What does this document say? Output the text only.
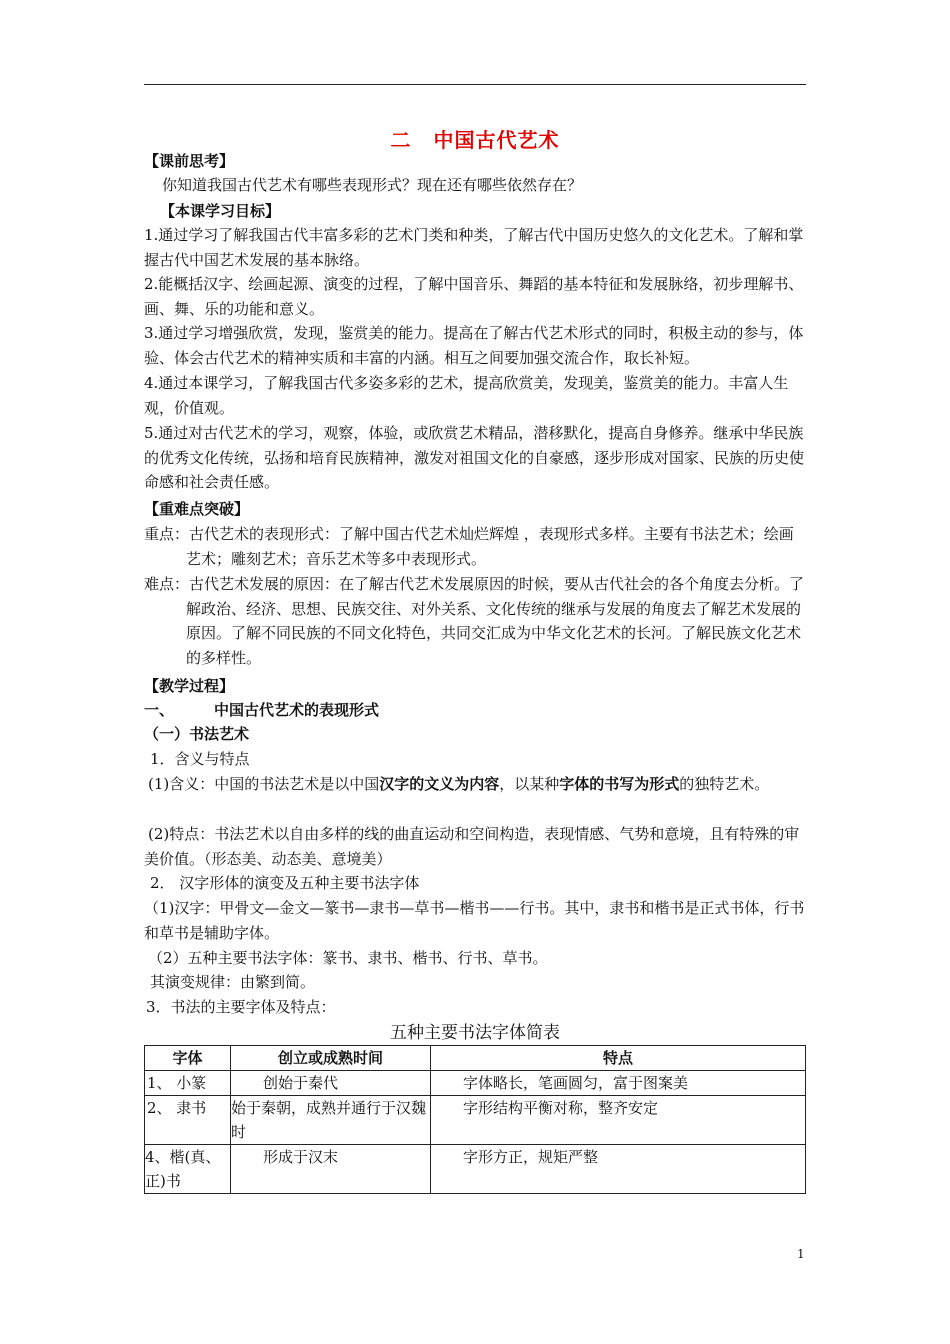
二 中国古代艺术
【课前思考】
你知道我国古代艺术有哪些表现形式？现在还有哪些依然存在？
【本课学习目标】
1.通过学习了解我国古代丰富多彩的艺术门类和种类，了解古代中国历史悠久的文化艺术。了解和掌握古代中国艺术发展的基本脉络。
2.能概括汉字、绘画起源、演变的过程，了解中国音乐、舞蹈的基本特征和发展脉络，初步理解书、画、舞、乐的功能和意义。
3.通过学习增强欣赏，发现，鉴赏美的能力。提高在了解古代艺术形式的同时，积极主动的参与，体验、体会古代艺术的精神实质和丰富的内涵。相互之间要加强交流合作，取长补短。
4.通过本课学习，了解我国古代多姿多彩的艺术，提高欣赏美，发现美，鉴赏美的能力。丰富人生观，价值观。
5.通过对古代艺术的学习，观察，体验，或欣赏艺术精品，潜移默化，提高自身修养。继承中华民族的优秀文化传统，弘扬和培育民族精神，激发对祖国文化的自豪感，逐步形成对国家、民族的历史使命感和社会责任感。
【重难点突破】
重点：古代艺术的表现形式：了解中国古代艺术灿烂辉煌 ，表现形式多样。主要有书法艺术；绘画艺术；雕刻艺术；音乐艺术等多中表现形式。
难点：古代艺术发展的原因：在了解古代艺术发展原因的时候，要从古代社会的各个角度去分析。了解政治、经济、思想、民族交往、对外关系、文化传统的继承与发展的角度去了解艺术发展的原因。了解不同民族的不同文化特色，共同交汇成为中华文化艺术的长河。了解民族文化艺术的多样性。
【教学过程】
一、	中国古代艺术的表现形式
（一）书法艺术
1．含义与特点
(1)含义：中国的书法艺术是以中国汉字的文义为内容，以某种字体的书写为形式的独特艺术。
(2)特点：书法艺术以自由多样的线的曲直运动和空间构造，表现情感、气势和意境，且有特殊的审美价值。（形态美、动态美、意境美）
2． 汉字形体的演变及五种主要书法字体
（1)汉字：甲骨文—金文—篆书—隶书—草书—楷书——行书。其中，隶书和楷书是正式书体，行书和草书是辅助字体。
（2）五种主要书法字体：篆书、隶书、楷书、行书、草书。
其演变规律：由繁到简。
3．书法的主要字体及特点：
五种主要书法字体简表
字体	创立或成熟时间	特点
1、 小篆	创始于秦代	字体略长，笔画圆匀，富于图案美
2、 隶书	始于秦朝，成熟并通行于汉魏时	字形结构平衡对称，整齐安定
4、楷(真、正)书	形成于汉末	字形方正，规矩严整
1
